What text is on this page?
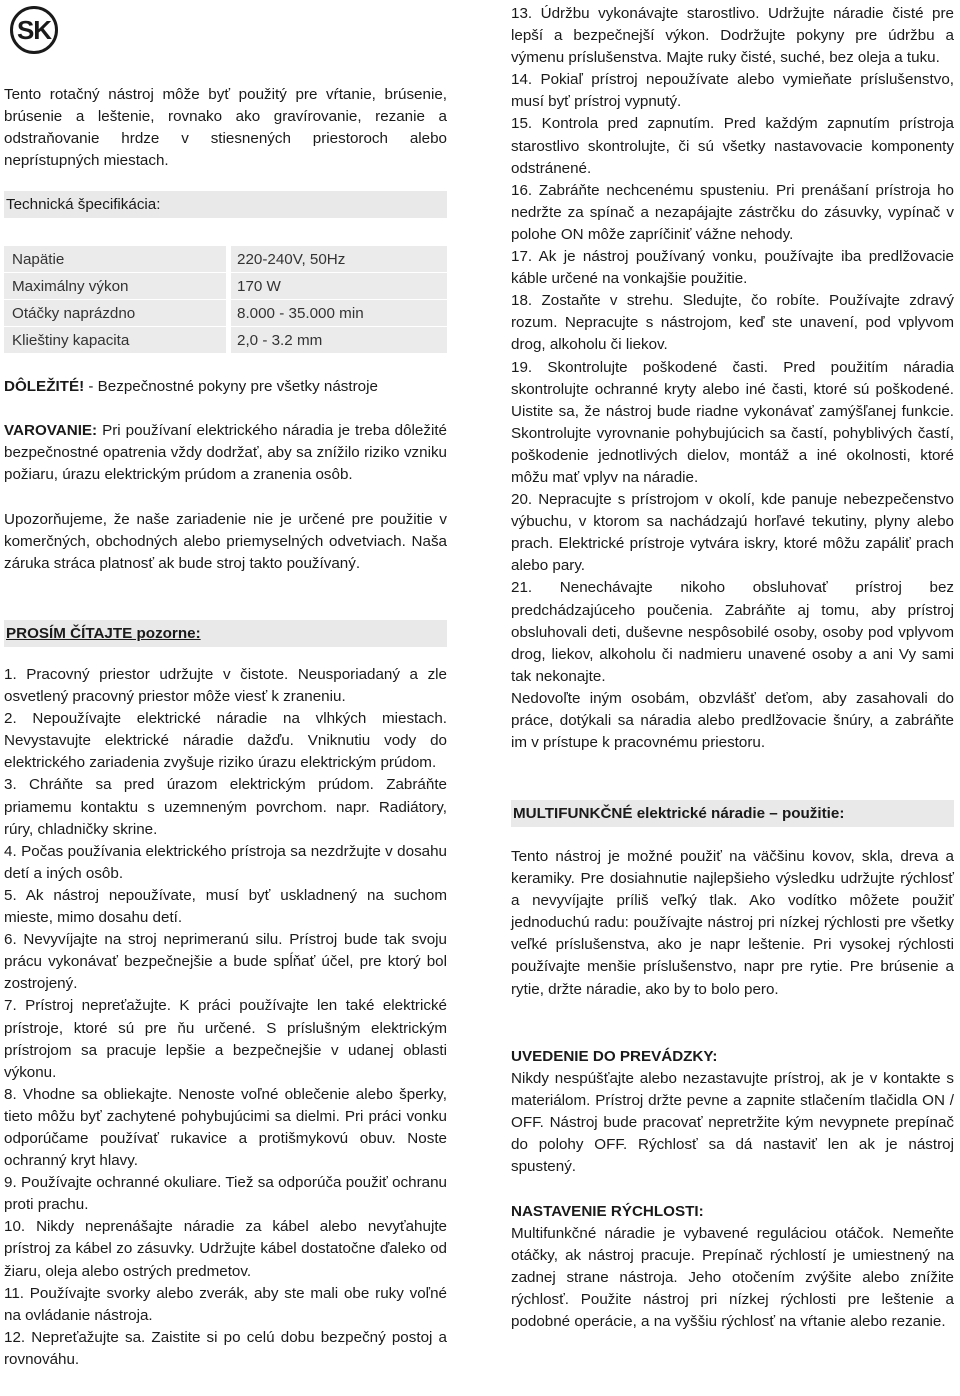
SK

Tento rotačný nástroj môže byť použitý pre vŕtanie, brúsenie, brúsenie a leštenie, rovnako ako gravírovanie, rezanie a odstraňovanie hrdze v stiesnených priestoroch alebo neprístupných miestach.

Technická špecifikácia:
Napätie		220-240V, 50Hz
Maximálny výkon		170 W
Otáčky naprázdno		8.000 - 35.000 min
Klieštiny kapacita		2,0 - 3.2 mm

DÔLEŽITÉ! - Bezpečnostné pokyny pre všetky nástroje

VAROVANIE: Pri používaní elektrického náradia je treba dôležité bezpečnostné opatrenia vždy dodržať, aby sa znížilo riziko vzniku požiaru, úrazu elektrickým prúdom a zranenia osôb.

Upozorňujeme, že naše zariadenie nie je určené pre použitie v komerčných, obchodných alebo priemyselných odvetviach. Naša záruka stráca platnosť ak bude stroj takto používaný.

PROSÍM ČÍTAJTE pozorne:
1. Pracovný priestor udržujte v čistote. Neusporiadaný a zle osvetlený pracovný priestor môže viesť k zraneniu.
2. Nepoužívajte elektrické náradie na vlhkých miestach. Nevystavujte elektrické náradie dažďu. Vniknutiu vody do elektrického zariadenia zvyšuje riziko úrazu elektrickým prúdom.
3. Chráňte sa pred úrazom elektrickým prúdom. Zabráňte priamemu kontaktu s uzemneným povrchom. napr. Radiátory, rúry, chladničky skrine.
4. Počas používania elektrického prístroja sa nezdržujte v dosahu detí a iných osôb.
5. Ak nástroj nepoužívate, musí byť uskladnený na suchom mieste, mimo dosahu detí.
6. Nevyvíjajte na stroj neprimeranú silu. Prístroj bude tak svoju prácu vykonávať bezpečnejšie a bude spĺňať účel, pre ktorý bol zostrojený.
7. Prístroj nepreťažujte. K práci používajte len také elektrické prístroje, ktoré sú pre ňu určené. S príslušným elektrickým prístrojom sa pracuje lepšie a bezpečnejšie v udanej oblasti výkonu.
8. Vhodne sa obliekajte. Nenoste voľné oblečenie alebo šperky, tieto môžu byť zachytené pohybujúcimi sa dielmi. Pri práci vonku odporúčame používať rukavice a protišmykovú obuv. Noste ochranný kryt hlavy.
9. Používajte ochranné okuliare. Tiež sa odporúča použiť ochranu proti prachu.
10. Nikdy neprenášajte náradie za kábel alebo nevyťahujte prístroj za kábel zo zásuvky. Udržujte kábel dostatočne ďaleko od žiaru, oleja alebo ostrých predmetov.
11. Používajte svorky alebo zverák, aby ste mali obe ruky voľné na ovládanie nástroja.
12. Nepreťažujte sa. Zaistite si po celú dobu bezpečný postoj a rovnováhu.
13. Údržbu vykonávajte starostlivo. Udržujte náradie čisté pre lepší a bezpečnejší výkon. Dodržujte pokyny pre údržbu a výmenu príslušenstva. Majte ruky čisté, suché, bez oleja a tuku.
14. Pokiaľ prístroj nepoužívate alebo vymieňate príslušenstvo, musí byť prístroj vypnutý.
15. Kontrola pred zapnutím. Pred každým zapnutím prístroja starostlivo skontrolujte, či sú všetky nastavovacie komponenty odstránené.
16. Zabráňte nechcenému spusteniu. Pri prenášaní prístroja ho nedržte za spínač a nezapájajte zástrčku do zásuvky, vypínač v polohe ON môže zapríčiniť vážne nehody.
17. Ak je nástroj používaný vonku, používajte iba predlžovacie káble určené na vonkajšie použitie.
18. Zostaňte v strehu. Sledujte, čo robíte. Používajte zdravý rozum. Nepracujte s nástrojom, keď ste unavení, pod vplyvom drog, alkoholu či liekov.
19. Skontrolujte poškodené časti. Pred použitím náradia skontrolujte ochranné kryty alebo iné časti, ktoré sú poškodené. Uistite sa, že nástroj bude riadne vykonávať zamýšľanej funkcie. Skontrolujte vyrovnanie pohybujúcich sa častí, pohyblivých častí, poškodenie jednotlivých dielov, montáž a iné okolnosti, ktoré môžu mať vplyv na náradie.
20. Nepracujte s prístrojom v okolí, kde panuje nebezpečenstvo výbuchu, v ktorom sa nachádzajú horľavé tekutiny, plyny alebo prach. Elektrické prístroje vytvára iskry, ktoré môžu zapáliť prach alebo pary.
21. Nenechávajte nikoho obsluhovať prístroj bez predchádzajúceho poučenia. Zabráňte aj tomu, aby prístroj obsluhovali deti, duševne nespôsobilé osoby, osoby pod vplyvom drog, liekov, alkoholu či nadmieru unavené osoby a ani Vy sami tak nekonajte.
Nedovoľte iným osobám, obzvlášť deťom, aby zasahovali do práce, dotýkali sa náradia alebo predlžovacie šnúry, a zabráňte im v prístupe k pracovnému priestoru.
MULTIFUNKČNÉ elektrické náradie – použitie:

Tento nástroj je možné použiť na väčšinu kovov, skla, dreva a keramiky. Pre dosiahnutie najlepšieho výsledku udržujte rýchlosť a nevyvíjajte príliš veľký tlak. Ako vodítko môžete použiť jednoduchú radu: používajte nástroj pri nízkej rýchlosti pre všetky veľké príslušenstva, ako je napr leštenie. Pri vysokej rýchlosti používajte menšie príslušenstvo, napr pre rytie. Pre brúsenie a rytie, držte náradie, ako by to bolo pero.

UVEDENIE DO PREVÁDZKY:

Nikdy nespúšťajte alebo nezastavujte prístroj, ak je v kontakte s materiálom. Prístroj držte pevne a zapnite stlačením tlačidla ON / OFF. Nástroj bude pracovať nepretržite kým nevypnete prepínač do polohy OFF. Rýchlosť sa dá nastaviť len ak je nástroj spustený.

NASTAVENIE RÝCHLOSTI:

Multifunkčné náradie je vybavené reguláciou otáčok. Nemeňte otáčky, ak nástroj pracuje. Prepínač rýchlostí je umiestnený na zadnej strane nástroja. Jeho otočením zvýšite alebo znížite rýchlosť. Použite nástroj pri nízkej rýchlosti pre leštenie a podobné operácie, a na vyššiu rýchlosť na vŕtanie alebo rezanie.
